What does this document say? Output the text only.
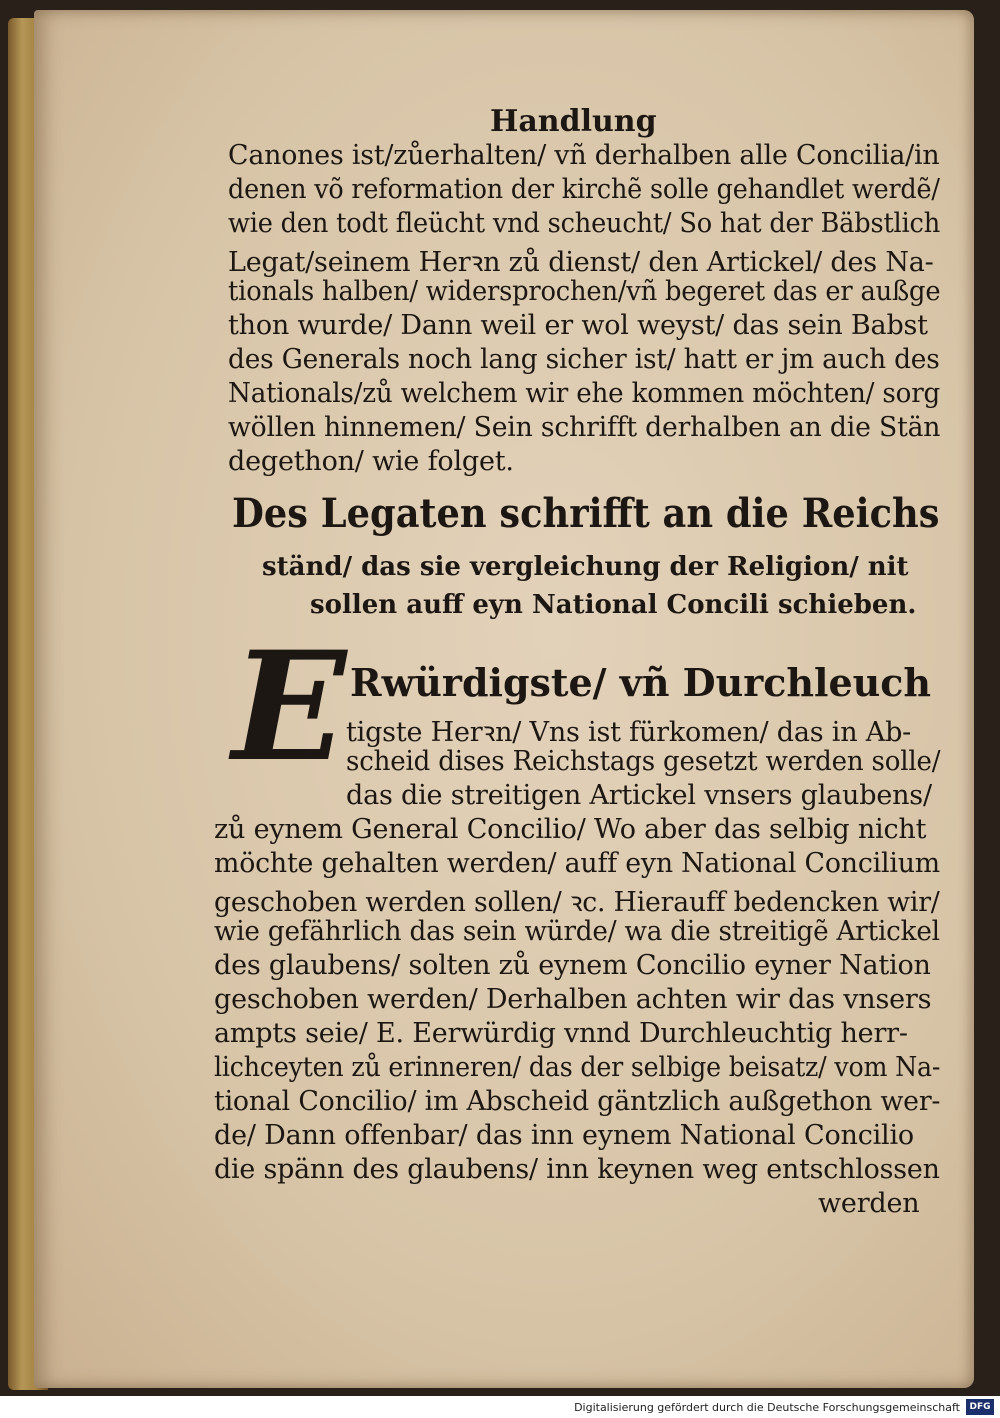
Handlung
Canones ist/zůerhalten/ vñ derhalben alle Concilia/in
denen võ reformation der kirchẽ solle gehandlet werdẽ/
wie den todt fleücht vnd scheucht/ So hat der Bäbstlich
Legat/seinem Herꝛn zů dienst/ den Artickel/ des Na-
tionals halben/ widersprochen/vñ begeret das er außge
thon wurde/ Dann weil er wol weyst/ das sein Babst
des Generals noch lang sicher ist/ hatt er jm auch des
Nationals/zů welchem wir ehe kommen möchten/ sorg
wöllen hinnemen/ Sein schrifft derhalben an die Stän
degethon/ wie folget.
Des Legaten schrifft an die Reichs
ständ/ das sie vergleichung der Religion/ nit
sollen auff eyn National Concili schieben.
E Rwürdigste/ vñ Durchleuch
tigste Herꝛn/ Vns ist fürkomen/ das in Ab-
scheid dises Reichstags gesetzt werden solle/
das die streitigen Artickel vnsers glaubens/
zů eynem General Concilio/ Wo aber das selbig nicht
möchte gehalten werden/ auff eyn National Concilium
geschoben werden sollen/ ꝛc. Hierauff bedencken wir/
wie gefährlich das sein würde/ wa die streitigẽ Artickel
des glaubens/ solten zů eynem Concilio eyner Nation
geschoben werden/ Derhalben achten wir das vnsers
ampts seie/ E. Eerwürdig vnnd Durchleuchtig herr-
lichceyten zů erinneren/ das der selbige beisatz/ vom Na-
tional Concilio/ im Abscheid gäntzlich außgethon wer-
de/ Dann offenbar/ das inn eynem National Concilio
die spänn des glaubens/ inn keynen weg entschlossen
werden
Digitalisierung gefördert durch die Deutsche Forschungsgemeinschaft	DFG
